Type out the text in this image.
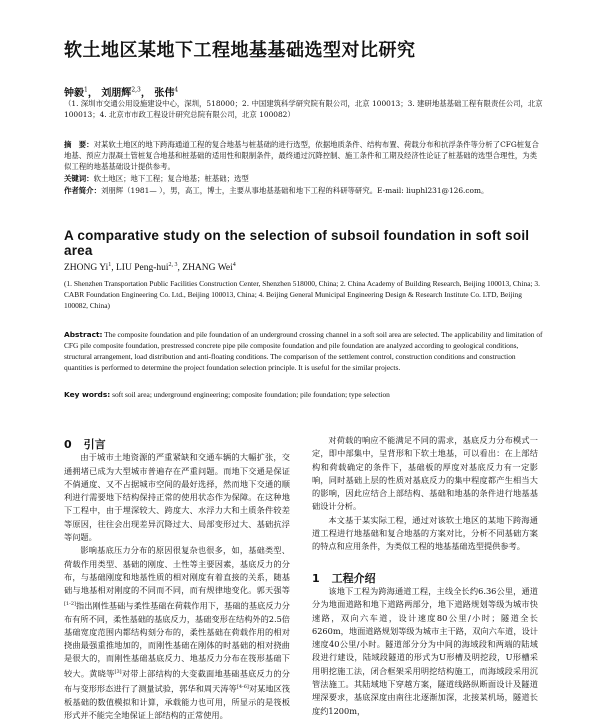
软土地区某地下工程地基基础选型对比研究
钟毅$^1$， 刘朋辉$^{2,3}$， 张伟$^4$
（1. 深圳市交通公用设施建设中心，深圳，518000；2. 中国建筑科学研究院有限公司，北京 100013；3. 建研地基基础工程有限责任公司，北京 100013；4. 北京市市政工程设计研究总院有限公司，北京 100082）
摘　要：对某软土地区的地下跨海通道工程的复合地基与桩基础的进行选型，依据地质条件、结构布置、荷载分布和抗浮条件等分析了CFG桩复合地基、预应力混凝土管桩复合地基和桩基础的适用性和限制条件，最终通过沉降控制、施工条件和工期及经济性论证了桩基础的选型合理性，为类似工程的地基基础设计提供参考。
关键词：软土地区；地下工程；复合地基；桩基础；选型
作者简介：刘朋辉（1981— ），男，高工，博士，主要从事地基基础和地下工程的科研等研究。E-mail: liuphl231@126.com。
A comparative study on the selection of subsoil foundation in soft soil area
ZHONG Yi$^1$, LIU Peng-hui$^{2, 3}$, ZHANG Wei$^4$
(1. Shenzhen Transportation Public Facilities Construction Center, Shenzhen 518000, China; 2. China Academy of Building Research, Beijing 100013, China; 3. CABR Foundation Engineering Co. Ltd., Beijing 100013, China; 4. Beijing General Municipal Engineering Design & Research Institute Co. LTD, Beijing 100082, China)
Abstract: The composite foundation and pile foundation of an underground crossing channel in a soft soil area are selected. The applicability and limitation of CFG pile composite foundation, prestressed concrete pipe pile composite foundation and pile foundation are analyzed according to geological conditions, structural arrangement, load distribution and anti-floating conditions. The comparison of the settlement control, construction conditions and construction quantities is performed to determine the project foundation selection principle. It is useful for the similar projects.
Key words: soft soil area; underground engineering; composite foundation; pile foundation; type selection

0 引言

由于城市土地资源的严重紧缺和交通车辆的大幅扩张，交通拥堵已成为大型城市普遍存在严重问题。而地下交通是保证不倘通度、又不占据城市空间的最好选择，然而地下交通的顺利进行需要地下结构保持正常的使用状态作为保障。在这种地下工程中，由于埋深较大、跨度大、水浮力大和土质条件较差等原因，往往会出现差异沉降过大、局部变形过大、基础抗浮等问题。

影响基底压力分布的原因很复杂也很多，如，基础类型、荷载作用类型、基础的刚度、土性等主要因素，基底反力的分布，与基础刚度和地基性质的相对刚度有着直接的关系，随基础与地基相对刚度的不同而不同，而有规律地变化。郭天强等[1-2]指出刚性基础与柔性基础在荷载作用下，基础的基底反力分布有所不同，柔性基础的基底反力，基础变形在结构外的2.5倍基础宽度范围内都结构刻分布的，柔性基础在荷载作用的相对挠曲最强重推地加的，而刚性基础在刚体的时基础的相对挠曲是很大的，而刚性基础基底反力、地基反力分布在筏形基础下较大。黄晓等[3]对带上部结构的大变截面地基础基底反力的分布与变形形态进行了测量试验，郭华和周天涛等[4-6]对某地区筏板基础的数值模拟和计算，承载能力也可用，所显示的是筏板形式并不能完全地保证上部结构的正常使用。

对荷载的响应不能满足不同的需求，基底反力分布模式一定，即中部集中，呈背形和下软土地基，可以看出：在上部结构和荷载确定的条件下，基础板的厚度对基底反力有一定影响，同时基础上层的性质对基底反力的集中程度都产生相当大的影响，因此应结合上部结构、基础和地基的条件进行地基基础设计分析。

本文基于某实际工程，通过对该软土地区的某地下跨海通道工程进行地基础和复合地基的方案对比，分析不同基础方案的特点和应用条件，为类似工程的地基基础选型提供参考。

1 工程介绍

该地下工程为跨海通道工程，主线全长约6.36公里，通道分为地面道路和地下道路两部分，地下道路规划等级为城市快速路，双向六车道，设计速度80公里/小时；隧道全长6260m，地面道路规划等级为城市主干路，双向六车道，设计速度40公里/小时。隧道部分分为中间的海域段和两端的陆域段进行建设，陆域段隧道的形式为U形槽及明挖段，U形槽采用明挖施工法，闭合框架采用明挖结构施工，而海域段采用沉管法施工。其陆域地下穿越方案，隧道线路纵断面设计及隧道埋深要求，基底深度由南往北逐渐加深，北接某机场，隧道长度约1200m，
